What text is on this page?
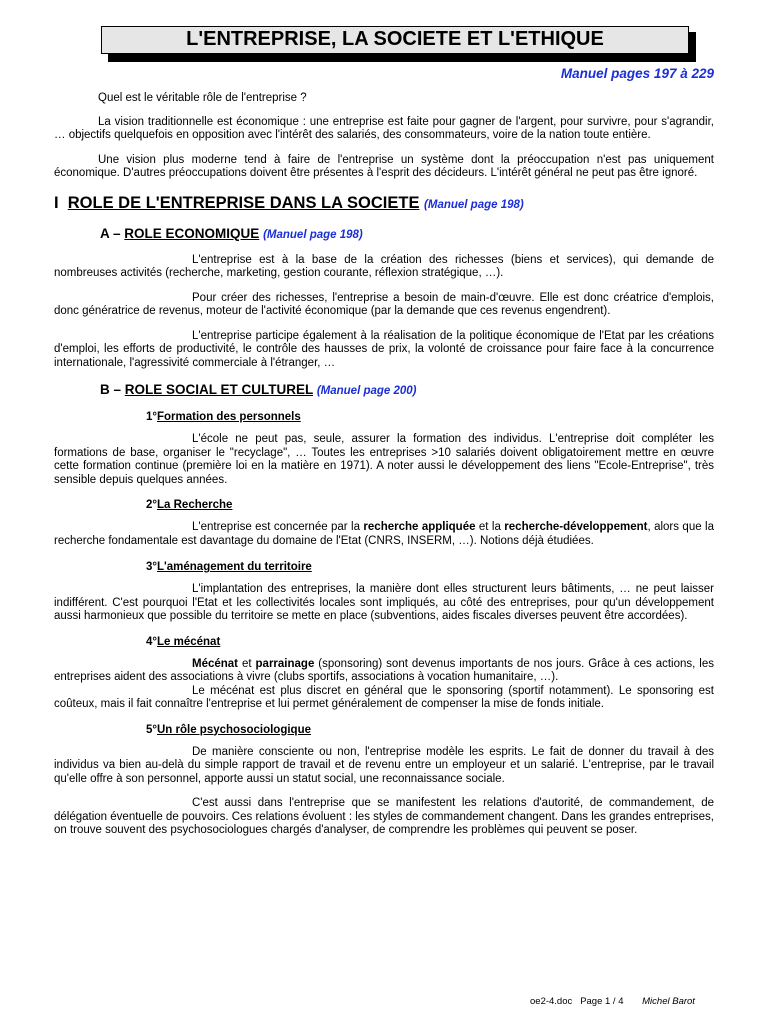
L'ENTREPRISE, LA SOCIETE ET L'ETHIQUE
Manuel pages 197 à 229

Quel est le véritable rôle de l'entreprise ?

La vision traditionnelle est économique : une entreprise est faite pour gagner de l'argent, pour survivre, pour s'agrandir, … objectifs quelquefois en opposition avec l'intérêt des salariés, des consommateurs, voire de la nation toute entière.

Une vision plus moderne tend à faire de l'entreprise un système dont la préoccupation n'est pas uniquement économique. D'autres préoccupations doivent être présentes à l'esprit des décideurs. L'intérêt général ne peut pas être ignoré.

I ROLE DE L'ENTREPRISE DANS LA SOCIETE (Manuel page 198)
A – ROLE ECONOMIQUE (Manuel page 198)

L'entreprise est à la base de la création des richesses (biens et services), qui demande de nombreuses activités (recherche, marketing, gestion courante, réflexion stratégique, …).

Pour créer des richesses, l'entreprise a besoin de main-d'œuvre. Elle est donc créatrice d'emplois, donc génératrice de revenus, moteur de l'activité économique (par la demande que ces revenus engendrent).

L'entreprise participe également à la réalisation de la politique économique de l'Etat par les créations d'emploi, les efforts de productivité, le contrôle des hausses de prix, la volonté de croissance pour faire face à la concurrence internationale, l'agressivité commerciale à l'étranger, …

B – ROLE SOCIAL ET CULTUREL (Manuel page 200)
1°Formation des personnels

L'école ne peut pas, seule, assurer la formation des individus. L'entreprise doit compléter les formations de base, organiser le "recyclage", … Toutes les entreprises >10 salariés doivent obligatoirement mettre en œuvre cette formation continue (première loi en la matière en 1971). A noter aussi le développement des liens "Ecole-Entreprise", très sensible depuis quelques années.

2°La Recherche

L'entreprise est concernée par la recherche appliquée et la recherche-développement, alors que la recherche fondamentale est davantage du domaine de l'Etat (CNRS, INSERM, …). Notions déjà étudiées.

3°L'aménagement du territoire

L'implantation des entreprises, la manière dont elles structurent leurs bâtiments, … ne peut laisser indifférent. C'est pourquoi l'Etat et les collectivités locales sont impliqués, au côté des entreprises, pour qu'un développement aussi harmonieux que possible du territoire se mette en place (subventions, aides fiscales diverses peuvent être accordées).

4°Le mécénat

Mécénat et parrainage (sponsoring) sont devenus importants de nos jours. Grâce à ces actions, les entreprises aident des associations à vivre (clubs sportifs, associations à vocation humanitaire, …).

Le mécénat est plus discret en général que le sponsoring (sportif notamment). Le sponsoring est coûteux, mais il fait connaître l'entreprise et lui permet généralement de compenser la mise de fonds initiale.

5°Un rôle psychosociologique

De manière consciente ou non, l'entreprise modèle les esprits. Le fait de donner du travail à des individus va bien au-delà du simple rapport de travail et de revenu entre un employeur et un salarié. L'entreprise, par le travail qu'elle offre à son personnel, apporte aussi un statut social, une reconnaissance sociale.

C'est aussi dans l'entreprise que se manifestent les relations d'autorité, de commandement, de délégation éventuelle de pouvoirs. Ces relations évoluent : les styles de commandement changent. Dans les grandes entreprises, on trouve souvent des psychosociologues chargés d'analyser, de comprendre les problèmes qui peuvent se poser.

oe2-4.doc Page 1 / 4 Michel Barot
